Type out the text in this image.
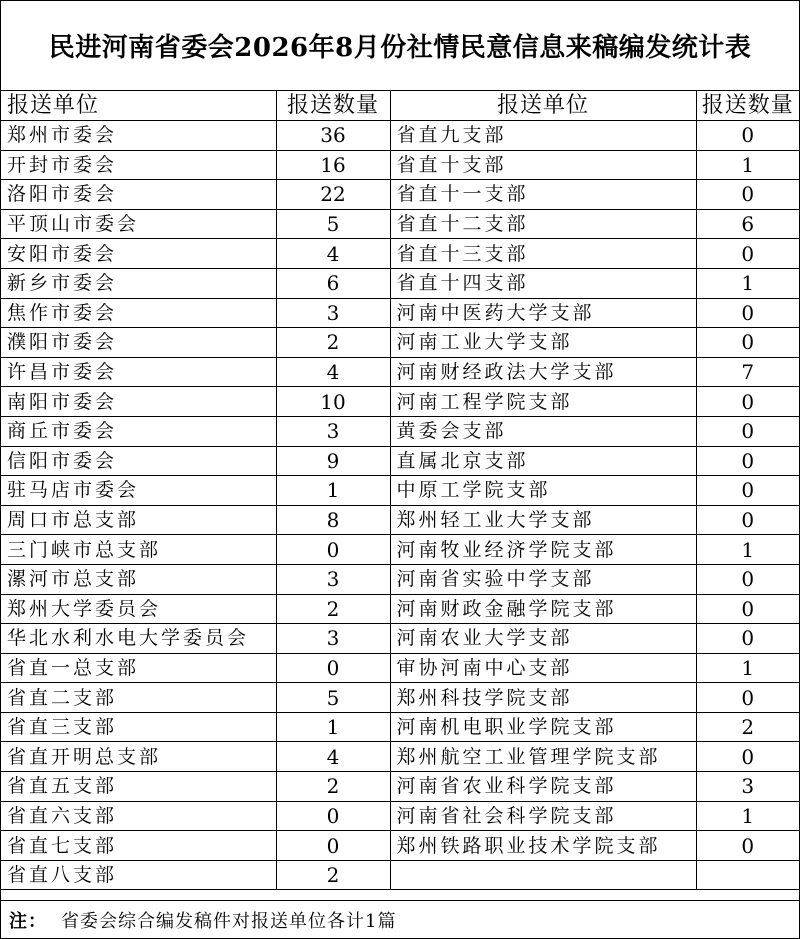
民进河南省委会2026年8月份社情民意信息来稿编发统计表
报送单位	报送数量	报送单位	报送数量
郑州市委会	36	省直九支部	0
开封市委会	16	省直十支部	1
洛阳市委会	22	省直十一支部	0
平顶山市委会	5	省直十二支部	6
安阳市委会	4	省直十三支部	0
新乡市委会	6	省直十四支部	1
焦作市委会	3	河南中医药大学支部	0
濮阳市委会	2	河南工业大学支部	0
许昌市委会	4	河南财经政法大学支部	7
南阳市委会	10	河南工程学院支部	0
商丘市委会	3	黄委会支部	0
信阳市委会	9	直属北京支部	0
驻马店市委会	1	中原工学院支部	0
周口市总支部	8	郑州轻工业大学支部	0
三门峡市总支部	0	河南牧业经济学院支部	1
漯河市总支部	3	河南省实验中学支部	0
郑州大学委员会	2	河南财政金融学院支部	0
华北水利水电大学委员会	3	河南农业大学支部	0
省直一总支部	0	审协河南中心支部	1
省直二支部	5	郑州科技学院支部	0
省直三支部	1	河南机电职业学院支部	2
省直开明总支部	4	郑州航空工业管理学院支部	0
省直五支部	2	河南省农业科学院支部	3
省直六支部	0	河南省社会科学院支部	1
省直七支部	0	郑州铁路职业技术学院支部	0
省直八支部	2		
注： 省委会综合编发稿件对报送单位各计1篇
